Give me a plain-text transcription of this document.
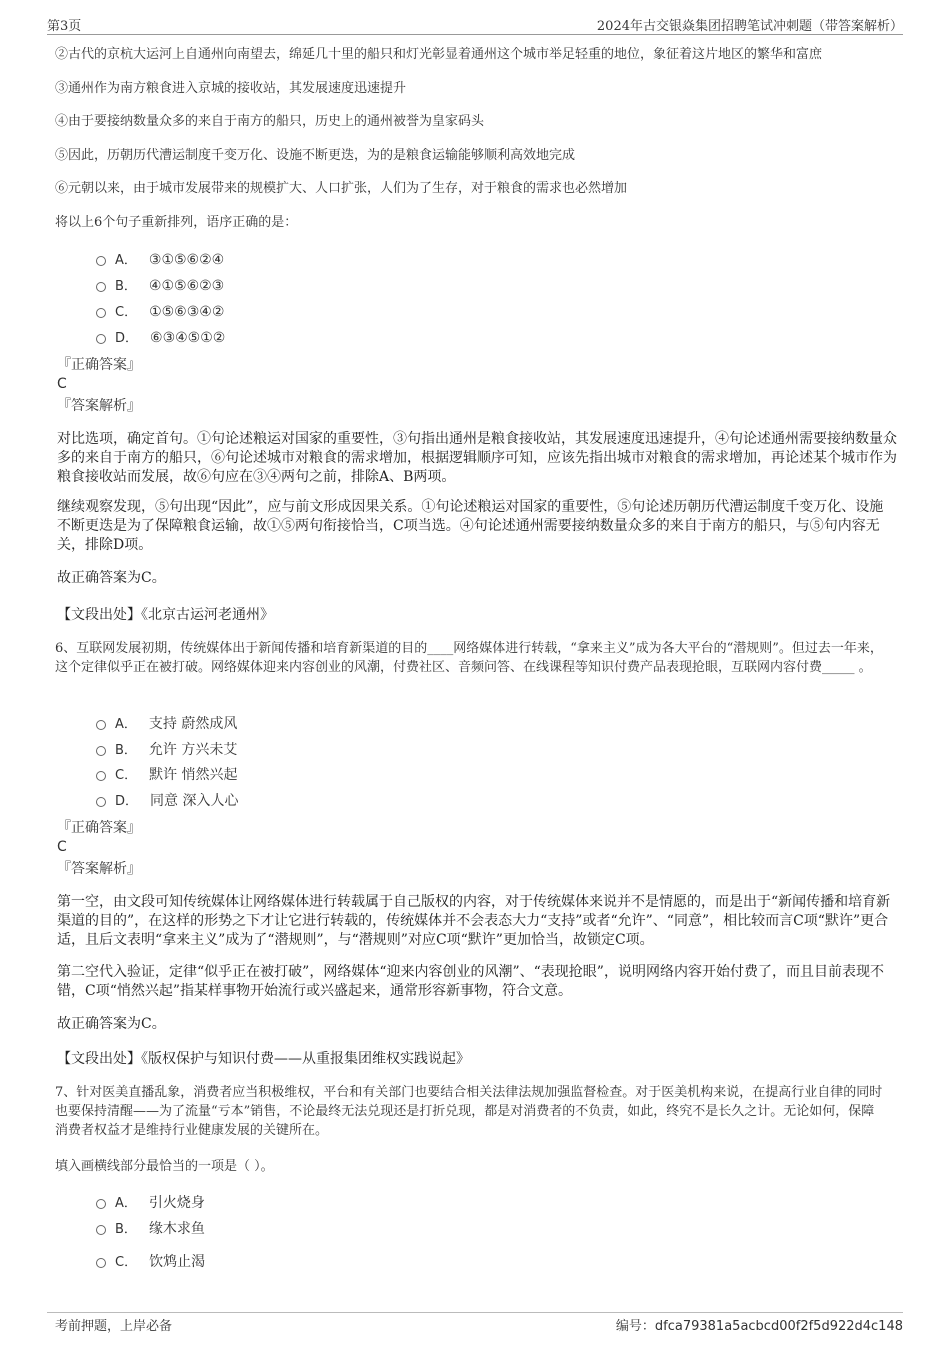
第3页	2024年古交银焱集团招聘笔试冲刺题（带答案解析）
②古代的京杭大运河上自通州向南望去，绵延几十里的船只和灯光彰显着通州这个城市举足轻重的地位，象征着这片地区的繁华和富庶
③通州作为南方粮食进入京城的接收站，其发展速度迅速提升
④由于要接纳数量众多的来自于南方的船只，历史上的通州被誉为皇家码头
⑤因此，历朝历代漕运制度千变万化、设施不断更迭，为的是粮食运输能够顺利高效地完成
⑥元朝以来，由于城市发展带来的规模扩大、人口扩张，人们为了生存，对于粮食的需求也必然增加
将以上6个句子重新排列，语序正确的是：
A． ③①⑤⑥②④
B． ④①⑤⑥②③
C． ①⑤⑥③④②
D． ⑥③④⑤①②
『正确答案』
C
『答案解析』
对比选项，确定首句。①句论述粮运对国家的重要性，③句指出通州是粮食接收站，其发展速度迅速提升，④句论述通州需要接纳数量众多的来自于南方的船只，⑥句论述城市对粮食的需求增加，根据逻辑顺序可知，应该先指出城市对粮食的需求增加，再论述某个城市作为粮食接收站而发展，故⑥句应在③④两句之前，排除A、B两项。
继续观察发现，⑤句出现“因此”，应与前文形成因果关系。①句论述粮运对国家的重要性，⑤句论述历朝历代漕运制度千变万化、设施不断更迭是为了保障粮食运输，故①⑤两句衔接恰当，C项当选。④句论述通州需要接纳数量众多的来自于南方的船只，与⑤句内容无关，排除D项。
故正确答案为C。
【文段出处】《北京古运河老通州》
6、互联网发展初期，传统媒体出于新闻传播和培育新渠道的目的____网络媒体进行转载，“拿来主义”成为各大平台的“潜规则”。但过去一年来，这个定律似乎正在被打破。网络媒体迎来内容创业的风潮，付费社区、音频问答、在线课程等知识付费产品表现抢眼，互联网内容付费_____ 。
A． 支持 蔚然成风
B． 允许 方兴未艾
C． 默许 悄然兴起
D． 同意 深入人心
『正确答案』
C
『答案解析』
第一空，由文段可知传统媒体让网络媒体进行转载属于自己版权的内容，对于传统媒体来说并不是情愿的，而是出于“新闻传播和培育新渠道的目的”，在这样的形势之下才让它进行转载的，传统媒体并不会表态大力“支持”或者“允许”、“同意”，相比较而言C项“默许”更合适，且后文表明“拿来主义”成为了“潜规则”，与“潜规则”对应C项“默许”更加恰当，故锁定C项。
第二空代入验证，定律“似乎正在被打破”，网络媒体“迎来内容创业的风潮”、“表现抢眼”，说明网络内容开始付费了，而且目前表现不错，C项“悄然兴起”指某样事物开始流行或兴盛起来，通常形容新事物，符合文意。
故正确答案为C。
【文段出处】《版权保护与知识付费——从重报集团维权实践说起》
7、针对医美直播乱象，消费者应当积极维权，平台和有关部门也要结合相关法律法规加强监督检查。对于医美机构来说，在提高行业自律的同时也要保持清醒——为了流量“亏本”销售，不论最终无法兑现还是打折兑现，都是对消费者的不负责，如此，终究不是长久之计。无论如何，保障消费者权益才是维持行业健康发展的关键所在。
填入画横线部分最恰当的一项是（ ）。
A． 引火烧身
B． 缘木求鱼
C． 饮鸩止渴
考前押题，上岸必备	编号：dfca79381a5acbcd00f2f5d922d4c148
